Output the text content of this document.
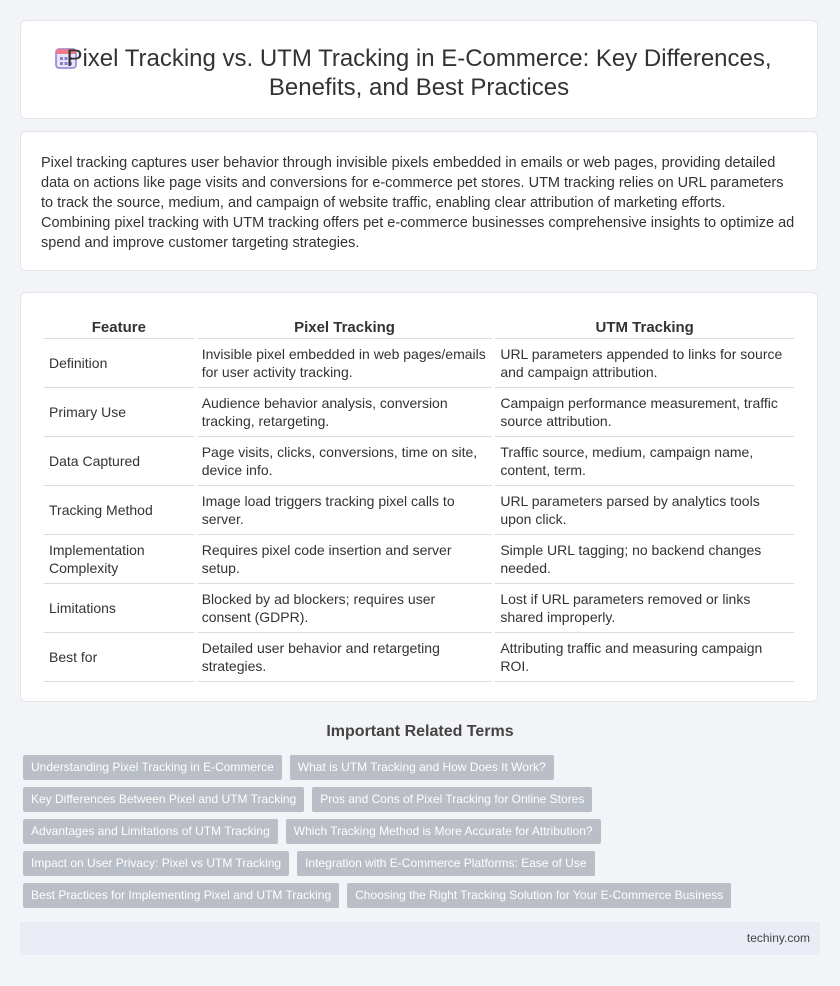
Pixel Tracking vs. UTM Tracking in E-Commerce: Key Differences, Benefits, and Best Practices

Pixel tracking captures user behavior through invisible pixels embedded in emails or web pages, providing detailed data on actions like page visits and conversions for e-commerce pet stores. UTM tracking relies on URL parameters to track the source, medium, and campaign of website traffic, enabling clear attribution of marketing efforts. Combining pixel tracking with UTM tracking offers pet e-commerce businesses comprehensive insights to optimize ad spend and improve customer targeting strategies.

Feature	Pixel Tracking	UTM Tracking
Definition	Invisible pixel embedded in web pages/emails for user activity tracking.	URL parameters appended to links for source and campaign attribution.
Primary Use	Audience behavior analysis, conversion tracking, retargeting.	Campaign performance measurement, traffic source attribution.
Data Captured	Page visits, clicks, conversions, time on site, device info.	Traffic source, medium, campaign name, content, term.
Tracking Method	Image load triggers tracking pixel calls to server.	URL parameters parsed by analytics tools upon click.
Implementation Complexity	Requires pixel code insertion and server setup.	Simple URL tagging; no backend changes needed.
Limitations	Blocked by ad blockers; requires user consent (GDPR).	Lost if URL parameters removed or links shared improperly.
Best for	Detailed user behavior and retargeting strategies.	Attributing traffic and measuring campaign ROI.
Important Related Terms
Understanding Pixel Tracking in E-Commerce	What is UTM Tracking and How Does It Work?
Key Differences Between Pixel and UTM Tracking	Pros and Cons of Pixel Tracking for Online Stores
Advantages and Limitations of UTM Tracking	Which Tracking Method is More Accurate for Attribution?
Impact on User Privacy: Pixel vs UTM Tracking	Integration with E-Commerce Platforms: Ease of Use
Best Practices for Implementing Pixel and UTM Tracking	Choosing the Right Tracking Solution for Your E-Commerce Business
techiny.com
